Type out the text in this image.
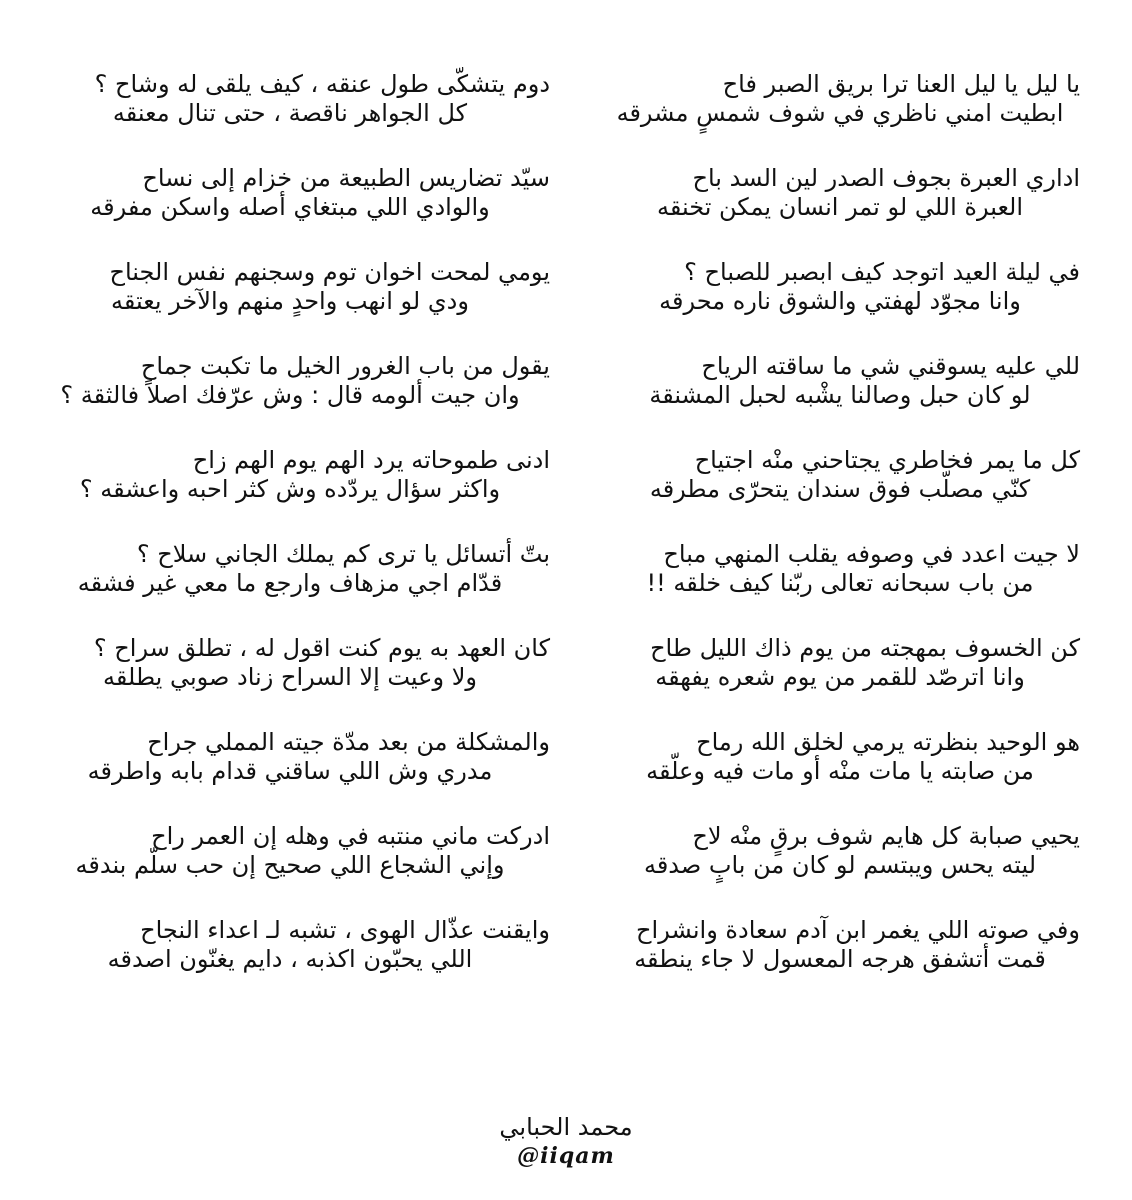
يا ليل يا ليل العنا ترا بريق الصبر فاح
ابطيت امني ناظري في شوف شمسٍ مشرقه
اداري العبرة بجوف الصدر لين السد باح
العبرة اللي لو تمر انسان يمكن تخنقه
في ليلة العيد اتوجد كيف ابصبر للصباح ؟
وانا مجوّد لهفتي والشوق ناره محرقه
للي عليه يسوقني شي ما ساقته الرياح
لو كان حبل وصالنا يشْبه لحبل المشنقة
كل ما يمر فخاطري يجتاحني منْه اجتياح
كنّي مصلّب فوق سندان يتحرّى مطرقه
لا جيت اعدد في وصوفه يقلب المنهي مباح
من باب سبحانه تعالى ربّنا كيف خلقه !!
كن الخسوف بمهجته من يوم ذاك الليل طاح
وانا اترصّد للقمر من يوم شعره يفهقه
هو الوحيد بنظرته يرمي لخلق الله رماح
من صابته يا مات منْه أو مات فيه وعلّقه
يحيي صبابة كل هايم شوف برقٍ منْه لاح
ليته يحس ويبتسم لو كان من بابٍ صدقه
وفي صوته اللي يغمر ابن آدم سعادة وانشراح
قمت أتشفق هرجه المعسول لا جاء ينطقه
دوم يتشكّى طول عنقه ، كيف يلقى له وشاح ؟
كل الجواهر ناقصة ، حتى تنال معنقه
سيّد تضاريس الطبيعة من خزام إلى نساح
والوادي اللي مبتغاي أصله واسكن مفرقه
يومي لمحت اخوان توم وسجنهم نفس الجناح
ودي لو انهب واحدٍ منهم والآخر يعتقه
يقول من باب الغرور الخيل ما تكبت جماح
وان جيت ألومه قال : وش عرّفك اصلاً فالثقة ؟
ادنى طموحاته يرد الهم يوم الهم زاح
واكثر سؤال يردّده وش كثر احبه واعشقه ؟
بتّ أتسائل يا ترى كم يملك الجاني سلاح ؟
قدّام اجي مزهاف وارجع ما معي غير فشقه
كان العهد به يوم كنت اقول له ، تطلق سراح ؟
ولا وعيت إلا السراح زناد صوبي يطلقه
والمشكلة من بعد مدّة جيته المملي جراح
مدري وش اللي ساقني قدام بابه واطرقه
ادركت ماني منتبه في وهله إن العمر راح
وإني الشجاع اللي صحيح إن حب سلّم بندقه
وايقنت عذّال الهوى ، تشبه لـ اعداء النجاح
اللي يحبّون اكذبه ، دايم يغنّون اصدقه
محمد الحبابي
@iiqam
